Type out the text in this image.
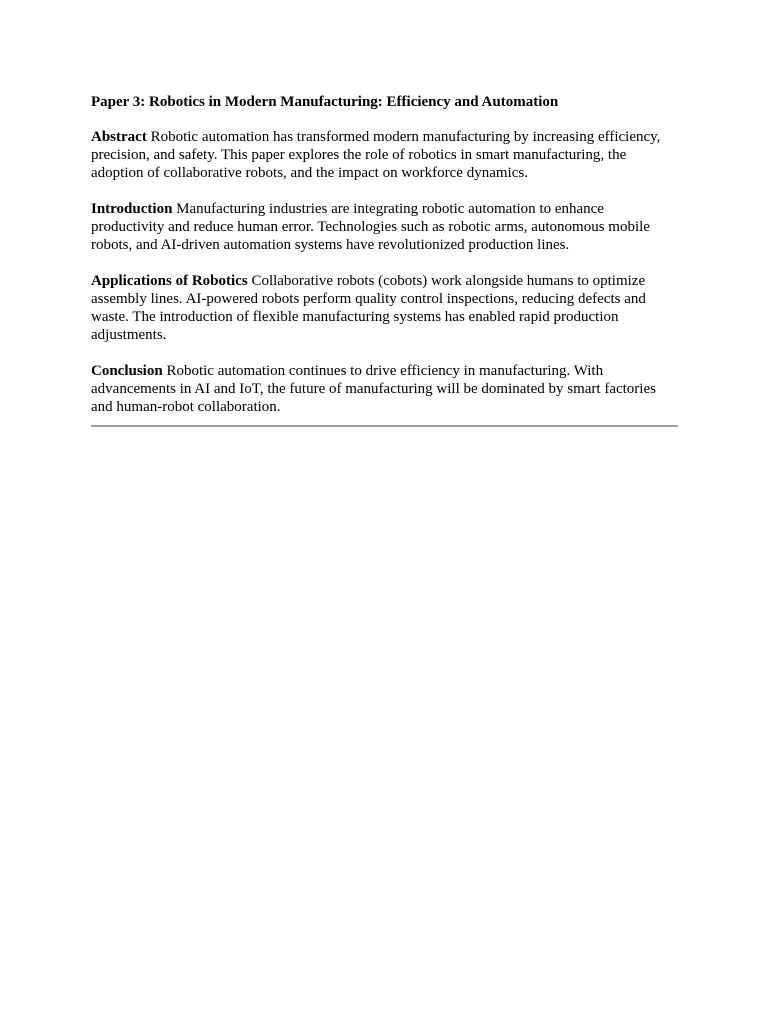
Paper 3: Robotics in Modern Manufacturing: Efficiency and Automation
Abstract Robotic automation has transformed modern manufacturing by increasing efficiency, precision, and safety. This paper explores the role of robotics in smart manufacturing, the adoption of collaborative robots, and the impact on workforce dynamics.
Introduction Manufacturing industries are integrating robotic automation to enhance productivity and reduce human error. Technologies such as robotic arms, autonomous mobile robots, and AI-driven automation systems have revolutionized production lines.
Applications of Robotics Collaborative robots (cobots) work alongside humans to optimize assembly lines. AI-powered robots perform quality control inspections, reducing defects and waste. The introduction of flexible manufacturing systems has enabled rapid production adjustments.
Conclusion Robotic automation continues to drive efficiency in manufacturing. With advancements in AI and IoT, the future of manufacturing will be dominated by smart factories and human-robot collaboration.
